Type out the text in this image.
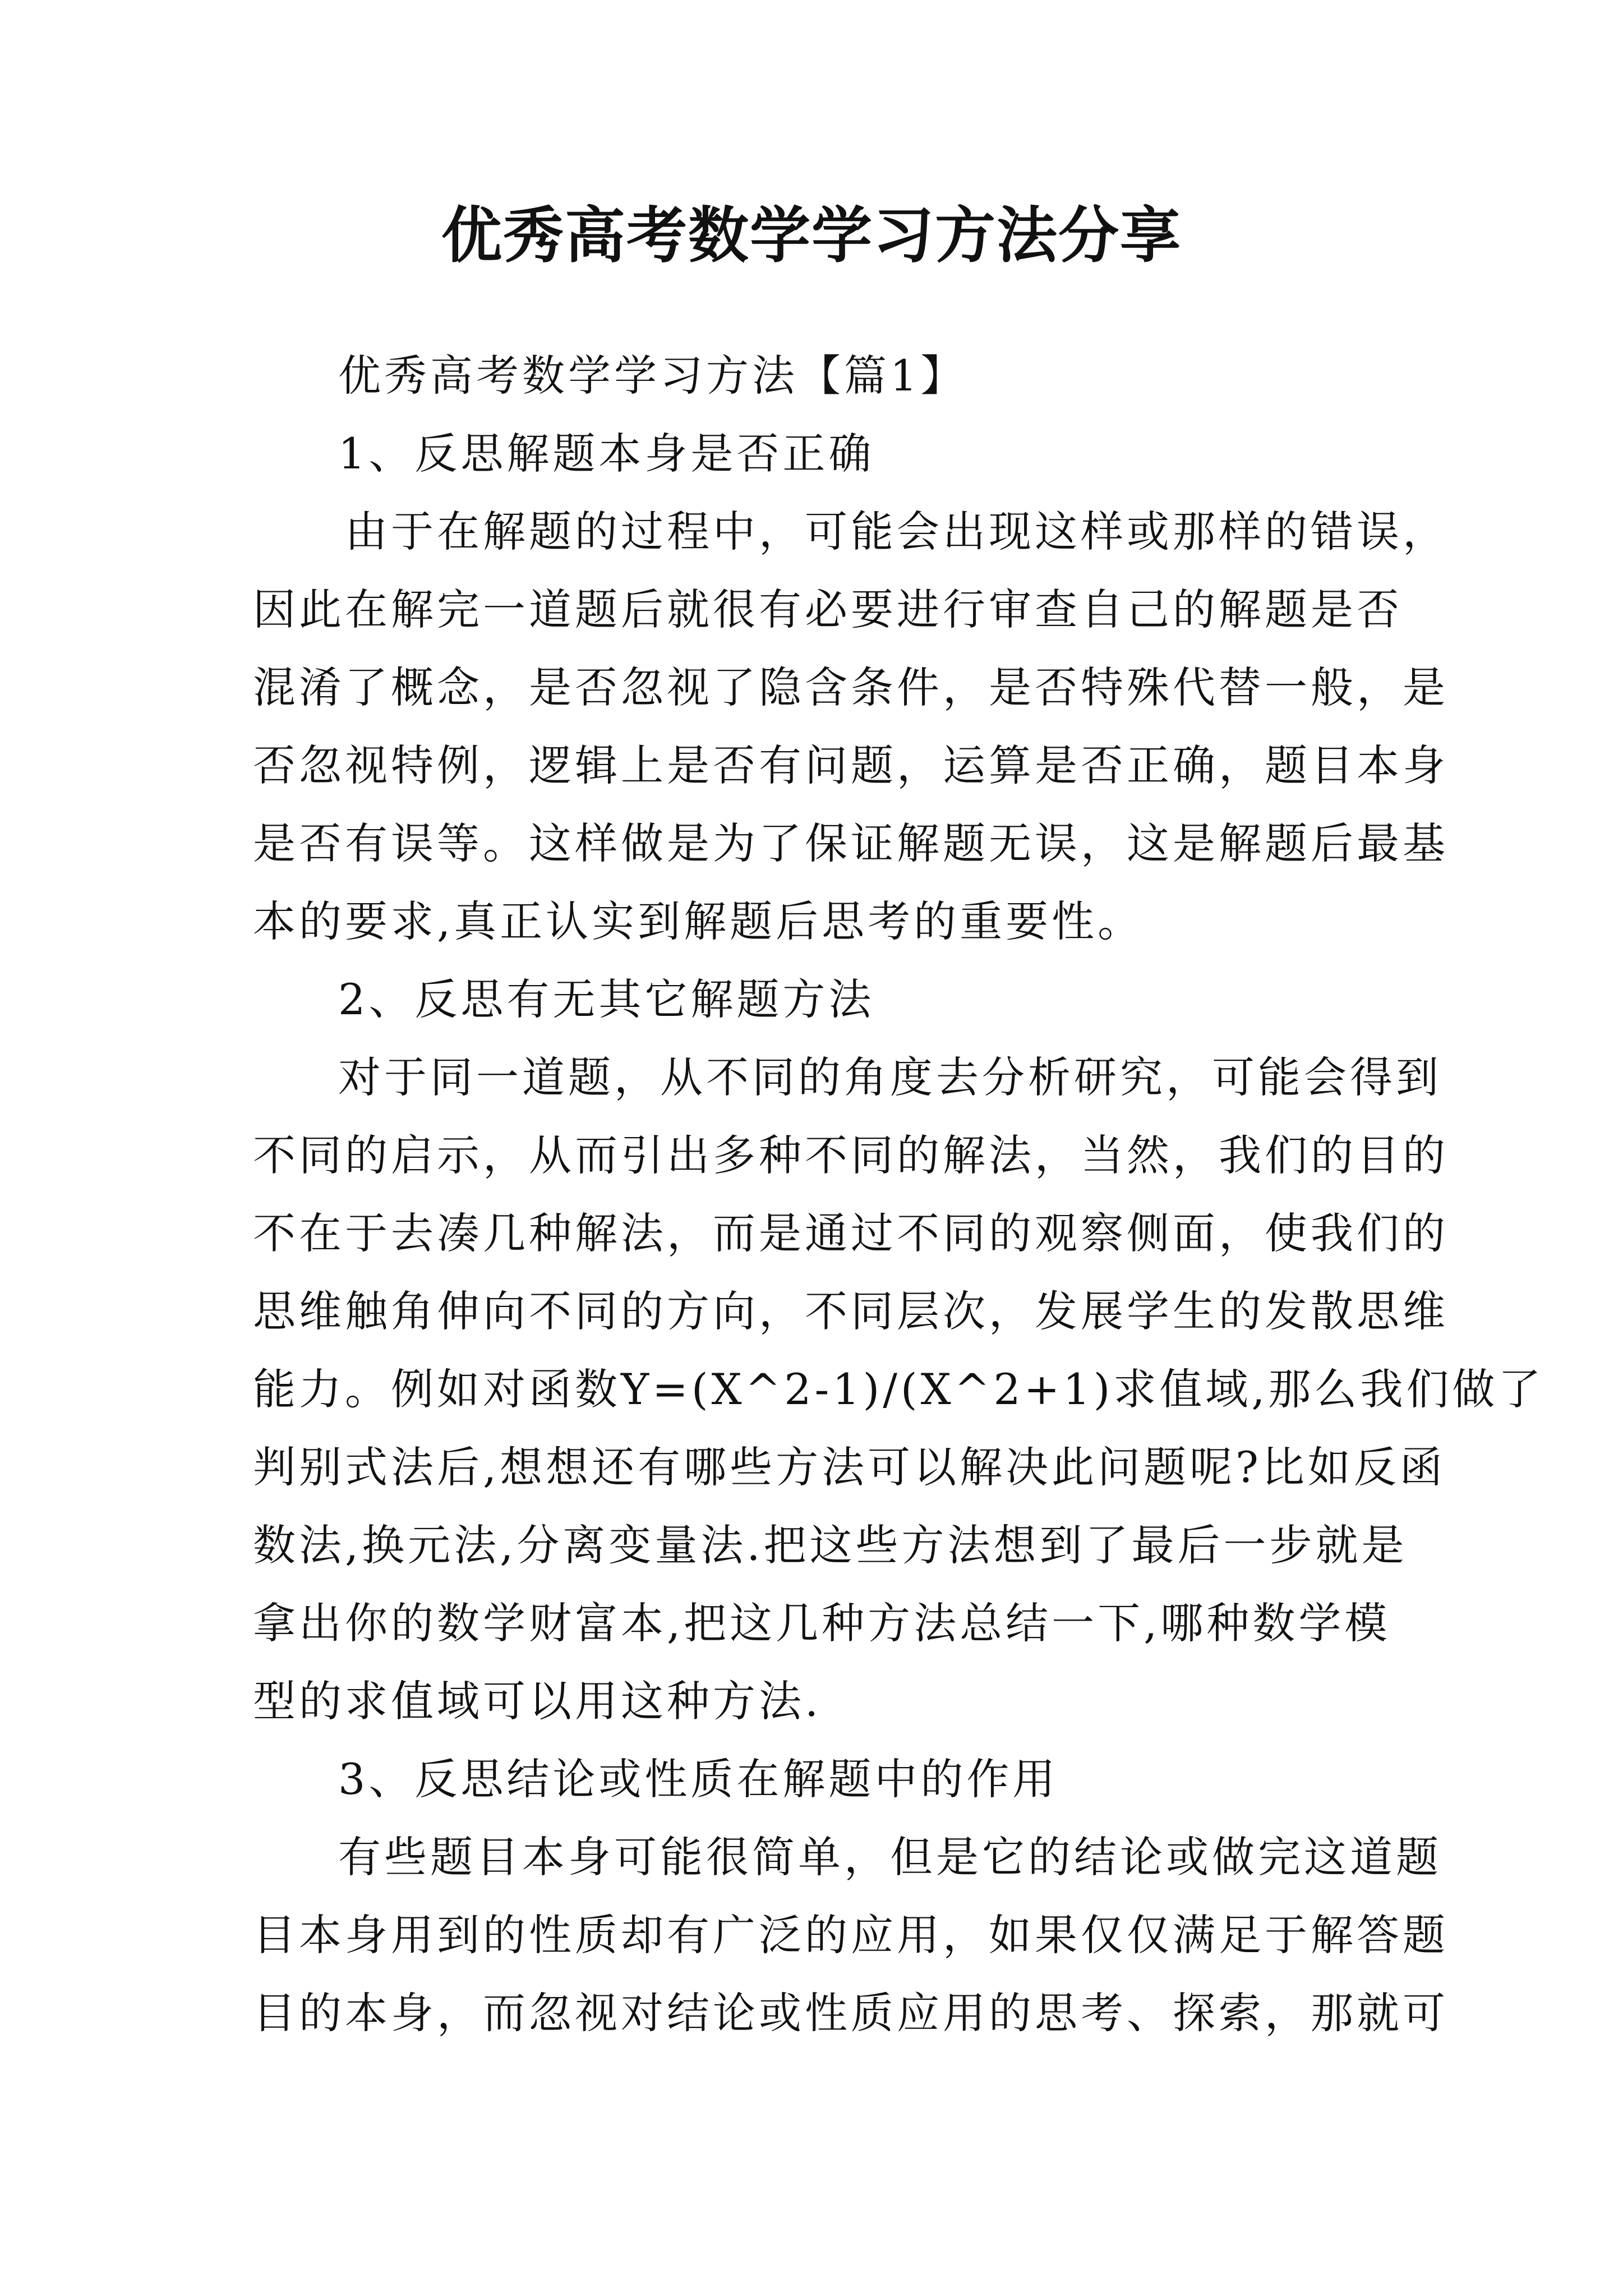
优秀高考数学学习方法分享
优秀高考数学学习方法【篇1】
1、反思解题本身是否正确
由于在解题的过程中，可能会出现这样或那样的错误，
因此在解完一道题后就很有必要进行审查自己的解题是否
混淆了概念，是否忽视了隐含条件，是否特殊代替一般，是
否忽视特例，逻辑上是否有问题，运算是否正确，题目本身
是否有误等。这样做是为了保证解题无误，这是解题后最基
本的要求,真正认实到解题后思考的重要性。
2、反思有无其它解题方法
对于同一道题，从不同的角度去分析研究，可能会得到
不同的启示，从而引出多种不同的解法，当然，我们的目的
不在于去凑几种解法，而是通过不同的观察侧面，使我们的
思维触角伸向不同的方向，不同层次，发展学生的发散思维
能力。例如对函数Y=(X^2-1)/(X^2+1)求值域,那么我们做了
判别式法后,想想还有哪些方法可以解决此问题呢?比如反函
数法,换元法,分离变量法.把这些方法想到了最后一步就是
拿出你的数学财富本,把这几种方法总结一下,哪种数学模
型的求值域可以用这种方法.
3、反思结论或性质在解题中的作用
有些题目本身可能很简单，但是它的结论或做完这道题
目本身用到的性质却有广泛的应用，如果仅仅满足于解答题
目的本身，而忽视对结论或性质应用的思考、探索，那就可
